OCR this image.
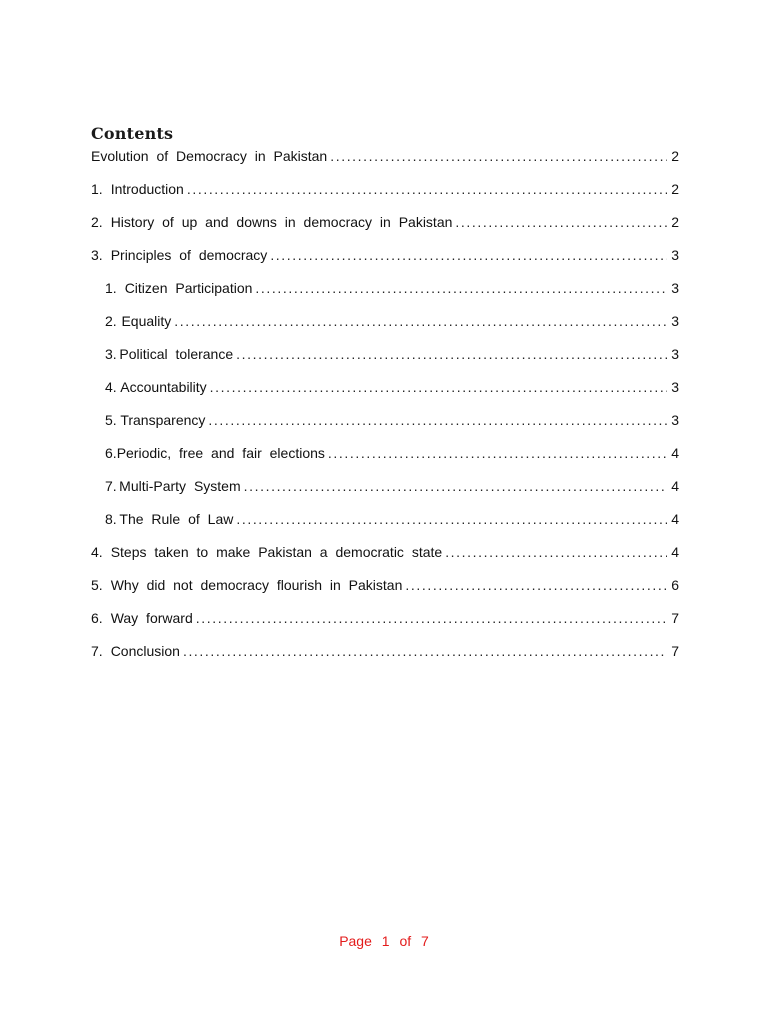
Contents
Evolution of Democracy in Pakistan .....	2
1. Introduction .....	2
2. History of up and downs in democracy in Pakistan .....	2
3. Principles of democracy .....	3
1. Citizen Participation .....	3
2. Equality .....	3
3. Political tolerance .....	3
4. Accountability .....	3
5. Transparency .....	3
6. Periodic, free and fair elections .....	4
7. Multi-Party System .....	4
8. The Rule of Law .....	4
4. Steps taken to make Pakistan a democratic state .....	4
5. Why did not democracy flourish in Pakistan .....	6
6. Way forward .....	7
7. Conclusion .....	7
Page 1 of 7
